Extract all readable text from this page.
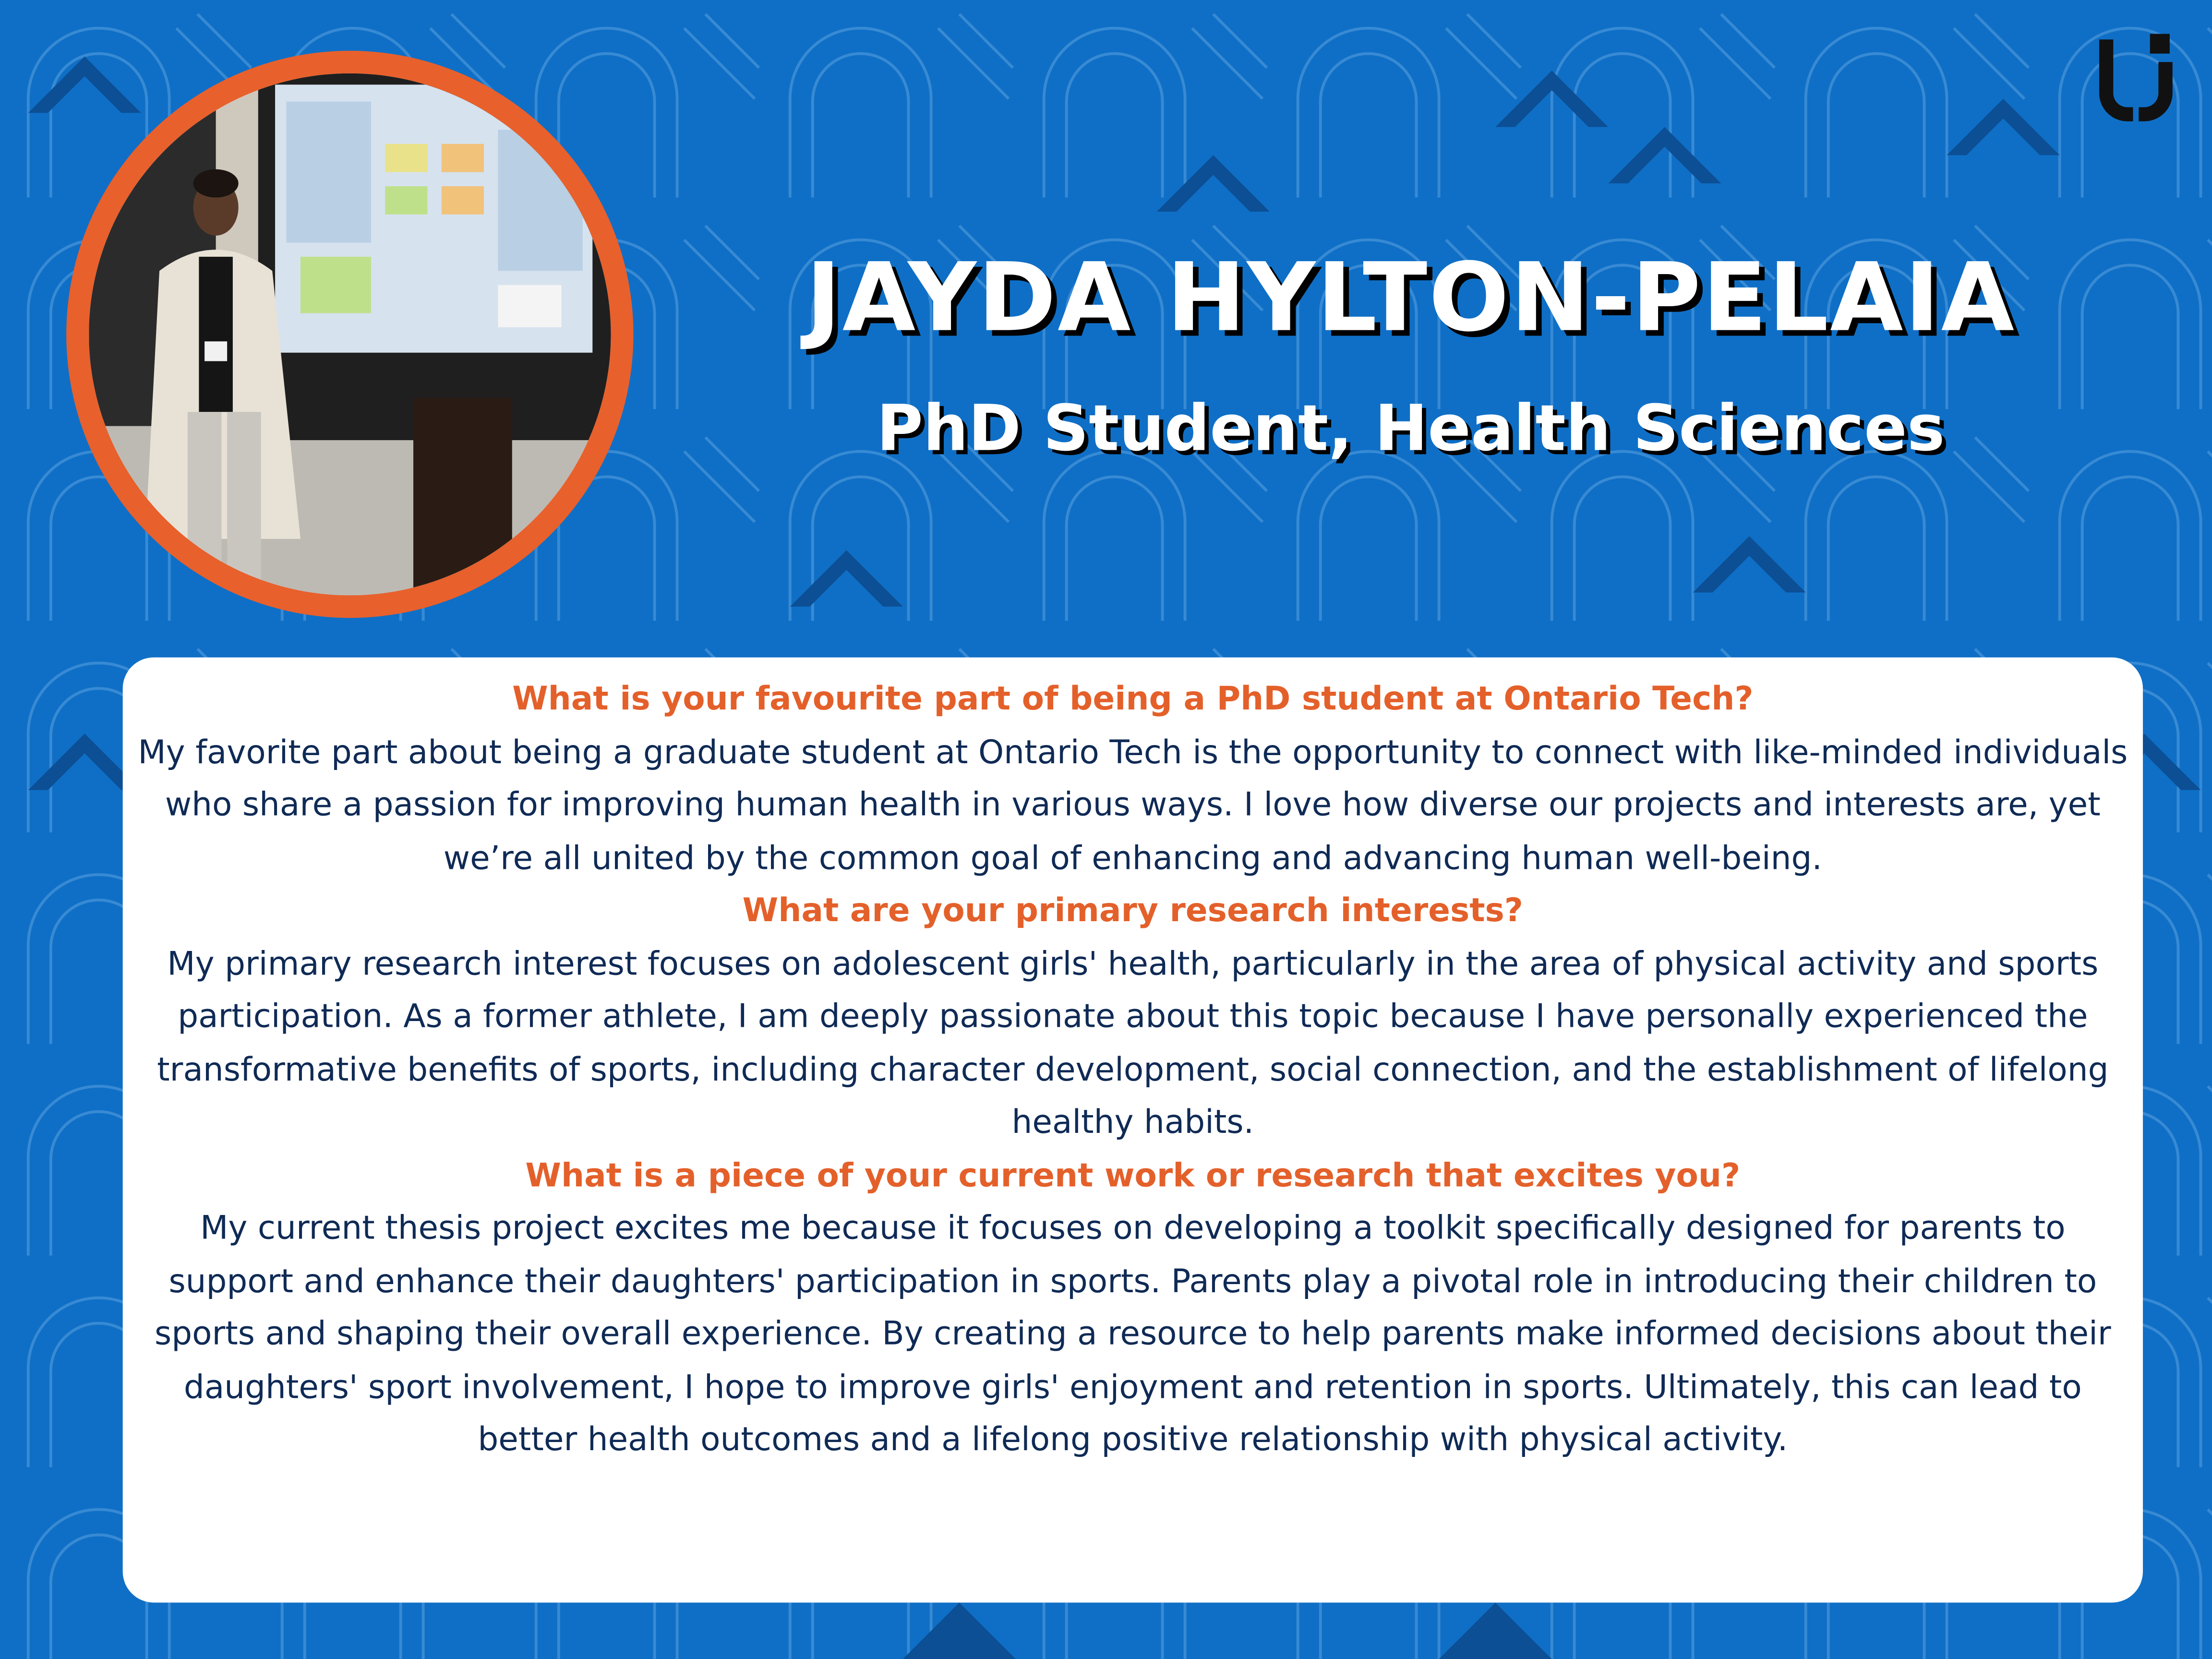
JAYDA HYLTON-PELAIA
PhD Student, Health Sciences

What is your favourite part of being a PhD student at Ontario Tech?

My favorite part about being a graduate student at Ontario Tech is the opportunity to connect with like-minded individuals who share a passion for improving human health in various ways. I love how diverse our projects and interests are, yet we’re all united by the common goal of enhancing and advancing human well-being.

What are your primary research interests?

My primary research interest focuses on adolescent girls' health, particularly in the area of physical activity and sports participation. As a former athlete, I am deeply passionate about this topic because I have personally experienced the transformative benefits of sports, including character development, social connection, and the establishment of lifelong healthy habits.

What is a piece of your current work or research that excites you?

My current thesis project excites me because it focuses on developing a toolkit specifically designed for parents to support and enhance their daughters' participation in sports. Parents play a pivotal role in introducing their children to sports and shaping their overall experience. By creating a resource to help parents make informed decisions about their daughters' sport involvement, I hope to improve girls' enjoyment and retention in sports. Ultimately, this can lead to better health outcomes and a lifelong positive relationship with physical activity.
